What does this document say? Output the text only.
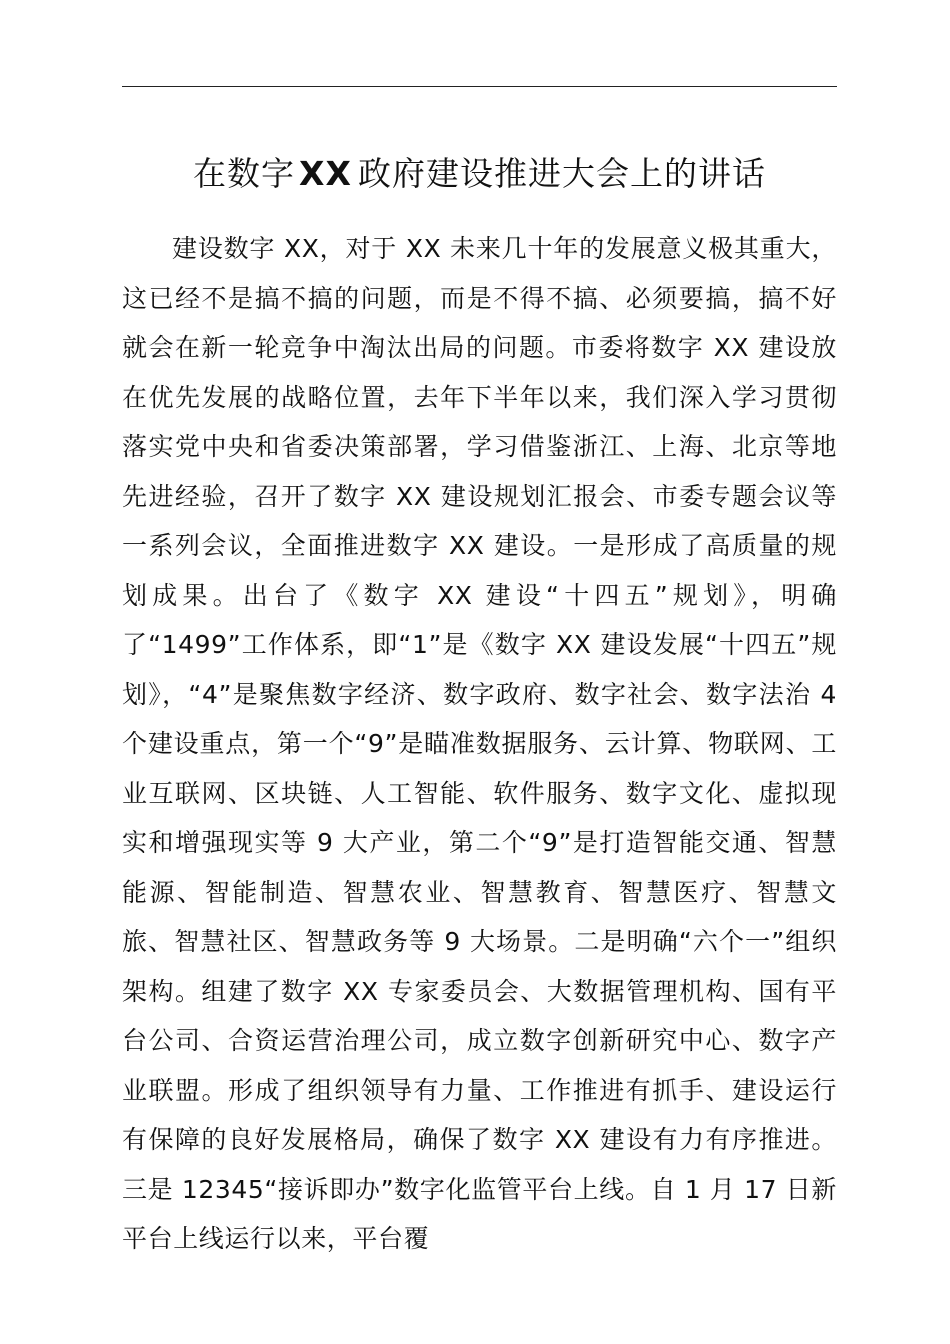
在数字 XX 政府建设推进大会上的讲话

建设数字 XX，对于 XX 未来几十年的发展意义极其重大，这已经不是搞不搞的问题，而是不得不搞、必须要搞，搞不好就会在新一轮竞争中淘汰出局的问题。市委将数字 XX 建设放在优先发展的战略位置，去年下半年以来，我们深入学习贯彻落实党中央和省委决策部署，学习借鉴浙江、上海、北京等地先进经验，召开了数字 XX 建设规划汇报会、市委专题会议等一系列会议，全面推进数字 XX 建设。一是形成了高质量的规划成果。出台了《数字 XX 建设“十四五”规划》，明确了“1499”工作体系，即“1”是《数字 XX 建设发展“十四五”规划》，“4”是聚焦数字经济、数字政府、数字社会、数字法治 4 个建设重点，第一个“9”是瞄准数据服务、云计算、物联网、工业互联网、区块链、人工智能、软件服务、数字文化、虚拟现实和增强现实等 9 大产业，第二个“9”是打造智能交通、智慧能源、智能制造、智慧农业、智慧教育、智慧医疗、智慧文旅、智慧社区、智慧政务等 9 大场景。二是明确“六个一”组织架构。组建了数字 XX 专家委员会、大数据管理机构、国有平台公司、合资运营治理公司，成立数字创新研究中心、数字产业联盟。形成了组织领导有力量、工作推进有抓手、建设运行有保障的良好发展格局，确保了数字 XX 建设有力有序推进。三是 12345“接诉即办”数字化监管平台上线。自 1 月 17 日新平台上线运行以来，平台覆
